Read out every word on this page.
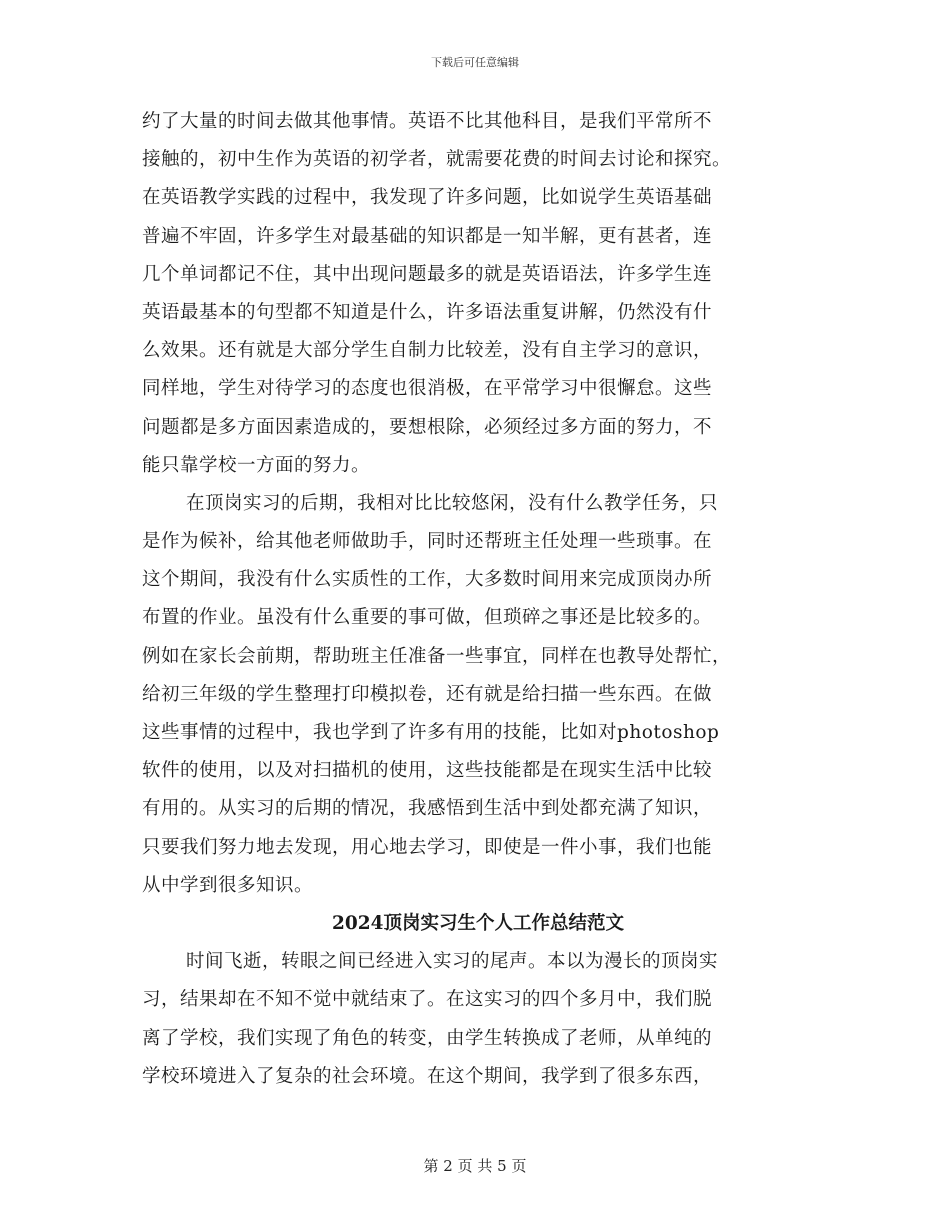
下载后可任意编辑
约了大量的时间去做其他事情。英语不比其他科目，是我们平常所不
接触的，初中生作为英语的初学者，就需要花费的时间去讨论和探究。
在英语教学实践的过程中，我发现了许多问题，比如说学生英语基础
普遍不牢固，许多学生对最基础的知识都是一知半解，更有甚者，连
几个单词都记不住，其中出现问题最多的就是英语语法，许多学生连
英语最基本的句型都不知道是什么，许多语法重复讲解，仍然没有什
么效果。还有就是大部分学生自制力比较差，没有自主学习的意识，
同样地，学生对待学习的态度也很消极，在平常学习中很懈怠。这些
问题都是多方面因素造成的，要想根除，必须经过多方面的努力，不
能只靠学校一方面的努力。
在顶岗实习的后期，我相对比比较悠闲，没有什么教学任务，只
是作为候补，给其他老师做助手，同时还帮班主任处理一些琐事。在
这个期间，我没有什么实质性的工作，大多数时间用来完成顶岗办所
布置的作业。虽没有什么重要的事可做，但琐碎之事还是比较多的。
例如在家长会前期，帮助班主任准备一些事宜，同样在也教导处帮忙，
给初三年级的学生整理打印模拟卷，还有就是给扫描一些东西。在做
这些事情的过程中，我也学到了许多有用的技能，比如对photoshop
软件的使用，以及对扫描机的使用，这些技能都是在现实生活中比较
有用的。从实习的后期的情况，我感悟到生活中到处都充满了知识，
只要我们努力地去发现，用心地去学习，即使是一件小事，我们也能
从中学到很多知识。
2024顶岗实习生个人工作总结范文
时间飞逝，转眼之间已经进入实习的尾声。本以为漫长的顶岗实
习，结果却在不知不觉中就结束了。在这实习的四个多月中，我们脱
离了学校，我们实现了角色的转变，由学生转换成了老师，从单纯的
学校环境进入了复杂的社会环境。在这个期间，我学到了很多东西，
第 2 页 共 5 页
